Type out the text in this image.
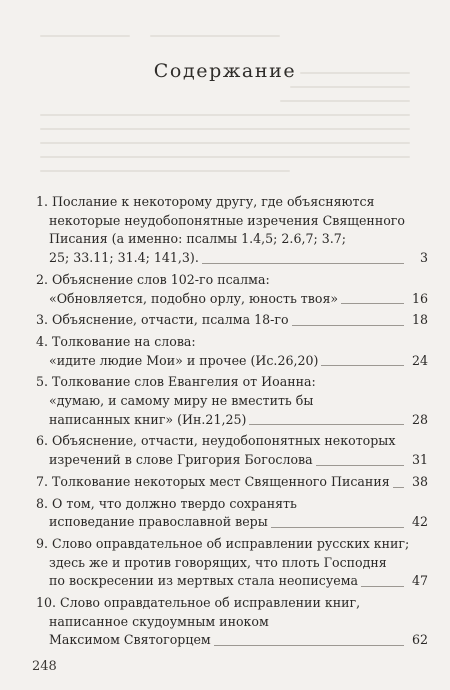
Содержание
1. Послание к некоторому другу, где объясняются
некоторые неудобопонятные изречения Священного
Писания (а именно: псалмы 1.4,5; 2.6,7; 3.7;
25; 33.11; 31.4; 141,3).	3
2. Объяснение слов 102-го псалма:
«Обновляется, подобно орлу, юность твоя»	16
3. Объяснение, отчасти, псалма 18-го	18
4. Толкование на слова:
«идите людие Мои» и прочее (Ис.26,20)	24
5. Толкование слов Евангелия от Иоанна:
«думаю, и самому миру не вместить бы
написанных книг» (Ин.21,25)	28
6. Объяснение, отчасти, неудобопонятных некоторых
изречений в слове Григория Богослова	31
7. Толкование некоторых мест Священного Писания 38
8. О том, что должно твердо сохранять
исповедание православной веры	42
9. Слово оправдательное об исправлении русских книг;
здесь же и против говорящих, что плоть Господня
по воскресении из мертвых стала неописуема	47
10. Слово оправдательное об исправлении книг,
написанное скудоумным иноком
Максимом Святогорцем	62
248
